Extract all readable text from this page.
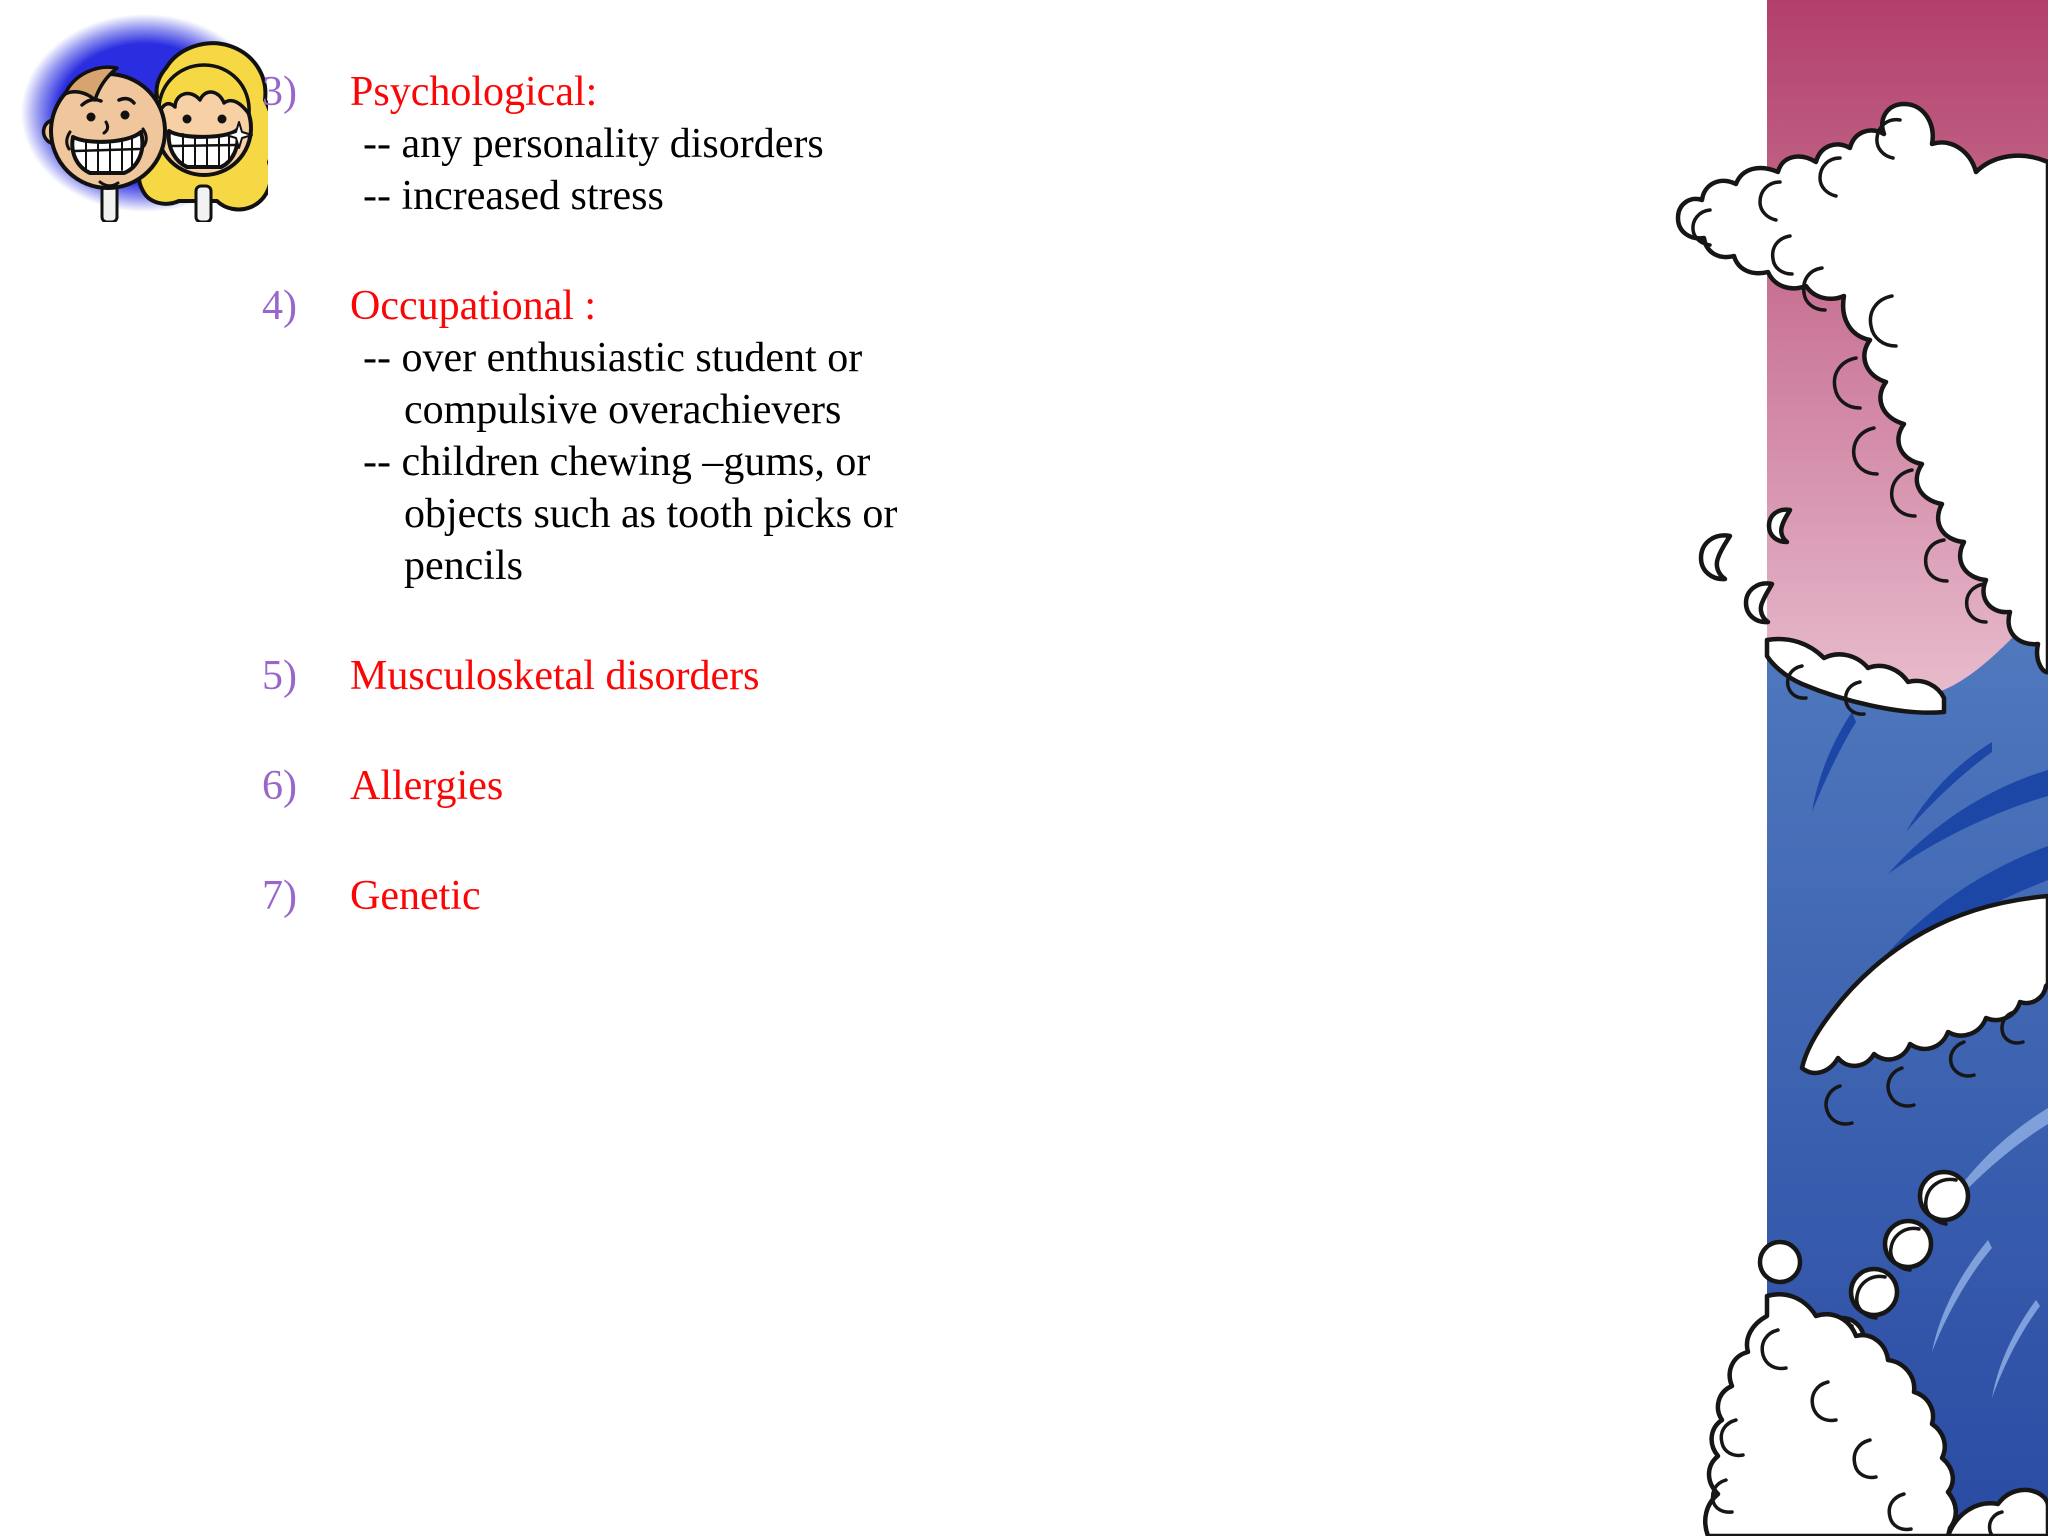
3)	Psychological:
-- any personality disorders
-- increased stress
4)	Occupational :
-- over enthusiastic student or
compulsive overachievers
-- children chewing –gums, or
objects such as tooth picks or
pencils
5)	Musculosketal disorders
6)	Allergies
7)	Genetic
